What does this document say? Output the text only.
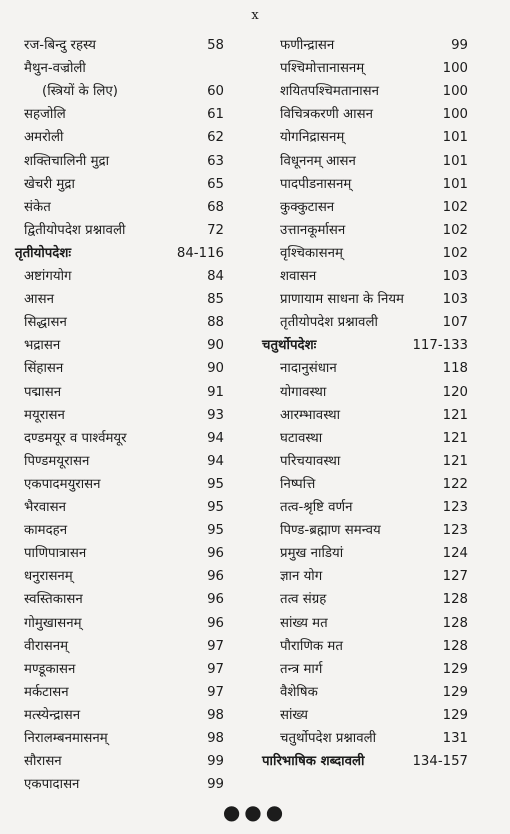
x
रज-बिन्दु रहस्य	58
मैथुन-वज्रोली
(स्त्रियों के लिए)	60
सहजोलि	61
अमरोली	62
शक्तिचालिनी मुद्रा	63
खेचरी मुद्रा	65
संकेत	68
द्वितीयोपदेश प्रश्नावली	72
तृतीयोपदेशः	84-116
अष्टांगयोग	84
आसन	85
सिद्धासन	88
भद्रासन	90
सिंहासन	90
पद्मासन	91
मयूरासन	93
दण्डमयूर व पार्श्वमयूर	94
पिण्डमयूरासन	94
एकपादमयुरासन	95
भैरवासन	95
कामदहन	95
पाणिपात्रासन	96
धनुरासनम्	96
स्वस्तिकासन	96
गोमुखासनम्	96
वीरासनम्	97
मण्डूकासन	97
मर्कटासन	97
मत्स्येन्द्रासन	98
निरालम्बनमासनम्	98
सौरासन	99
एकपादासन	99
फणीन्द्रासन	99
पश्चिमोत्तानासनम्	100
शयितपश्चिमतानासन	100
विचित्रकरणी आसन	100
योगनिद्रासनम्	101
विधूननम् आसन	101
पादपीडनासनम्	101
कुक्कुटासन	102
उत्तानकूर्मासन	102
वृश्चिकासनम्	102
शवासन	103
प्राणायाम साधना के नियम	103
तृतीयोपदेश प्रश्नावली	107
चतुर्थोपदेशः	117-133
नादानुसंधान	118
योगावस्था	120
आरम्भावस्था	121
घटावस्था	121
परिचयावस्था	121
निष्पत्ति	122
तत्व-श्रृष्टि वर्णन	123
पिण्ड-ब्रह्माण समन्वय	123
प्रमुख नाडियां	124
ज्ञान योग	127
तत्व संग्रह	128
सांख्य मत	128
पौराणिक मत	128
तन्त्र मार्ग	129
वैशेषिक	129
सांख्य	129
चतुर्थोपदेश प्रश्नावली	131
पारिभाषिक शब्दावली	134-157
●●●
